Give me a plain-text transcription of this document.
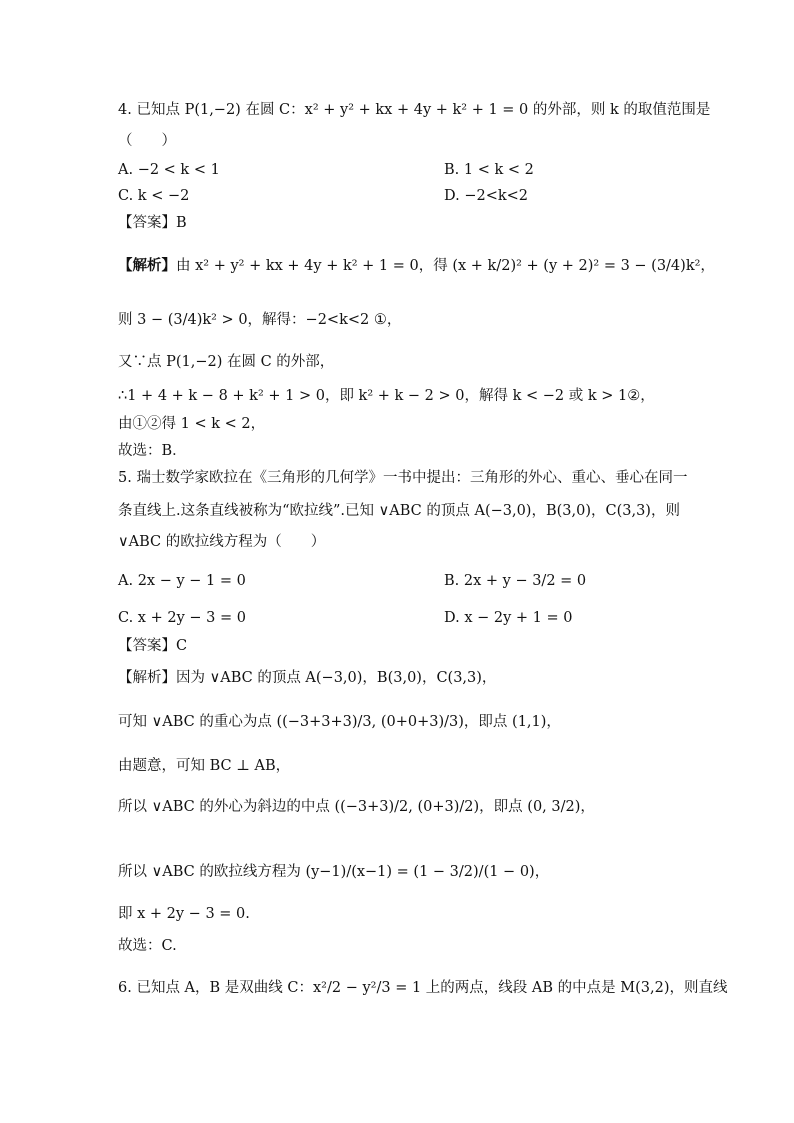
4. 已知点 P(1,−2) 在圆 C：x² + y² + kx + 4y + k² + 1 = 0 的外部，则 k 的取值范围是
（　　）
A. −2 < k < 1	B. 1 < k < 2
C. k < −2	D. −2<k<2
【答案】B
【解析】由 x² + y² + kx + 4y + k² + 1 = 0，得 (x + k/2)² + (y + 2)² = 3 − (3/4)k²，
则 3 − (3/4)k² > 0，解得：−2<k<2 ①，
又∵点 P(1,−2) 在圆 C 的外部，
∴1 + 4 + k − 8 + k² + 1 > 0，即 k² + k − 2 > 0，解得 k < −2 或 k > 1②，
由①②得 1 < k < 2，
故选：B．
5. 瑞士数学家欧拉在《三角形的几何学》一书中提出：三角形的外心、重心、垂心在同一
条直线上.这条直线被称为“欧拉线”.已知 ∨ABC 的顶点 A(−3,0)，B(3,0)，C(3,3)，则
∨ABC 的欧拉线方程为（　　）
A. 2x − y − 1 = 0	B. 2x + y − 3/2 = 0
C. x + 2y − 3 = 0	D. x − 2y + 1 = 0
【答案】C
【解析】因为 ∨ABC 的顶点 A(−3,0)，B(3,0)，C(3,3)，
可知 ∨ABC 的重心为点 ((−3+3+3)/3, (0+0+3)/3)，即点 (1,1)，
由题意，可知 BC ⊥ AB，
所以 ∨ABC 的外心为斜边的中点 ((−3+3)/2, (0+3)/2)，即点 (0, 3/2)，
所以 ∨ABC 的欧拉线方程为 (y−1)/(x−1) = (1 − 3/2)/(1 − 0)，
即 x + 2y − 3 = 0.
故选：C.
6. 已知点 A，B 是双曲线 C：x²/2 − y²/3 = 1 上的两点，线段 AB 的中点是 M(3,2)，则直线
